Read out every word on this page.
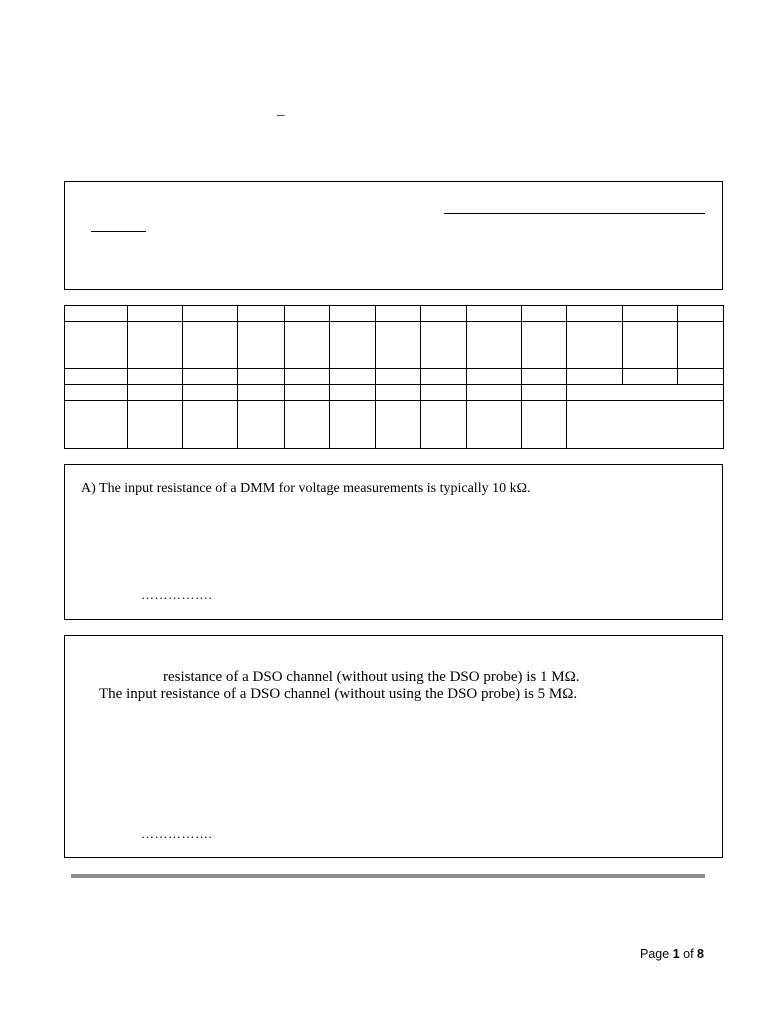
–

A) The input resistance of a DMM for voltage measurements is typically 10 kΩ.
…………….
resistance of a DSO channel (without using the DSO probe) is 1 MΩ.
The input resistance of a DSO channel (without using the DSO probe) is 5 MΩ.
…………….
Page 1 of 8
